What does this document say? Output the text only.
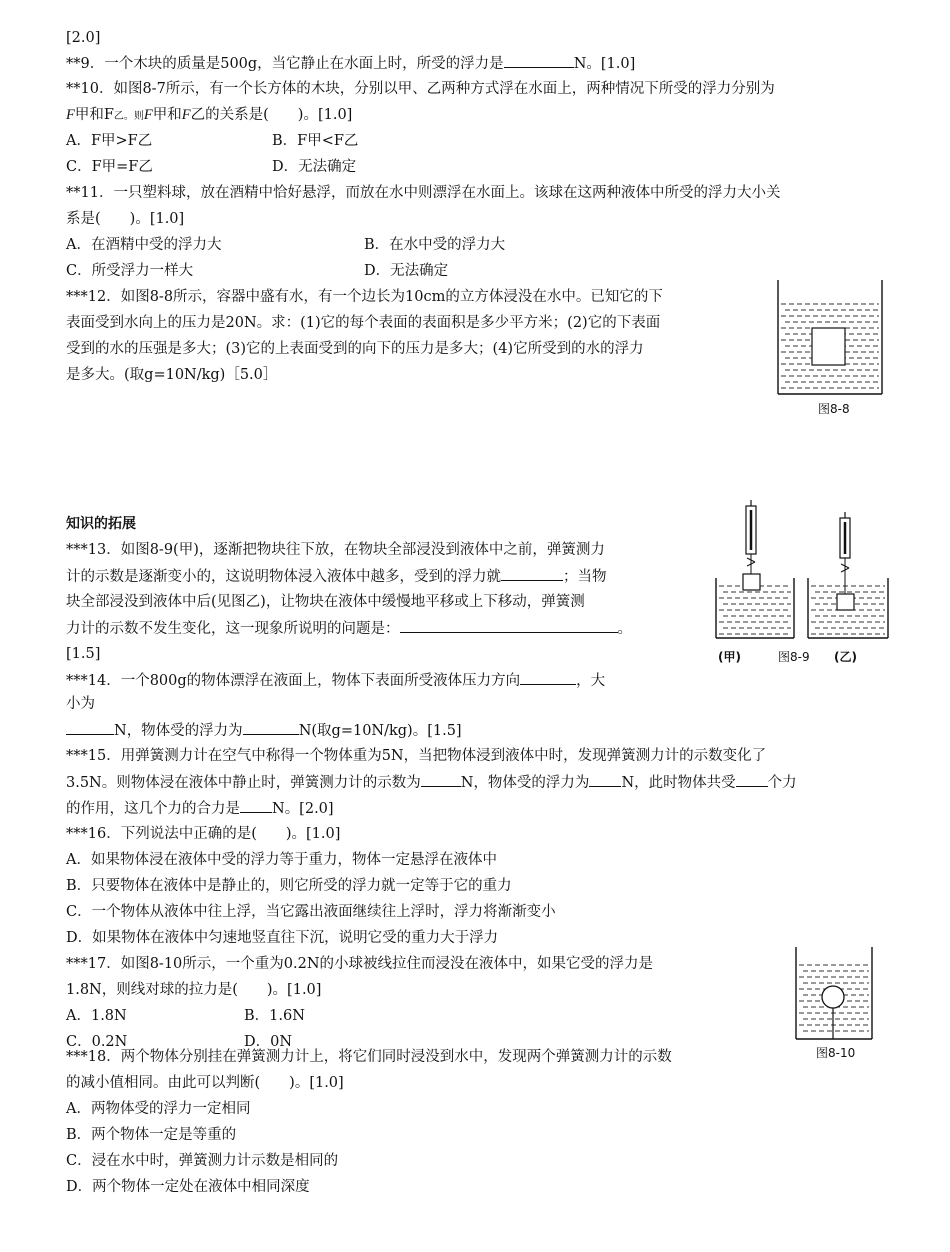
[2.0]
**9．一个木块的质量是500g，当它静止在水面上时，所受的浮力是	N。[1.0]
**10．如图8-7所示，有一个长方体的木块，分别以甲、乙两种方式浮在水面上，两种情况下所受的浮力分别为
F甲和F乙。则F甲和F乙的关系是(　　)。[1.0]
A．F甲>F乙	B．F甲<F乙
C．F甲=F乙	D．无法确定
**11．一只塑料球，放在酒精中恰好悬浮，而放在水中则漂浮在水面上。该球在这两种液体中所受的浮力大小关
系是(　　)。[1.0]
A．在酒精中受的浮力大	B．在水中受的浮力大
C．所受浮力一样大	D．无法确定
***12．如图8-8所示，容器中盛有水，有一个边长为10cm的立方体浸没在水中。已知它的下
表面受到水向上的压力是20N。求：(1)它的每个表面的表面积是多少平方米；(2)它的下表面
受到的水的压强是多大；(3)它的上表面受到的向下的压力是多大；(4)它所受到的水的浮力
是多大。(取g=10N/kg)［5.0］
图8-8
知识的拓展
***13．如图8-9(甲)，逐渐把物块往下放，在物块全部浸没到液体中之前，弹簧测力
计的示数是逐渐变小的，这说明物体浸入液体中越多，受到的浮力就	；当物
块全部浸没到液体中后(见图乙)，让物块在液体中缓慢地平移或上下移动，弹簧测
力计的示数不发生变化，这一现象所说明的问题是：	。
[1.5]	(甲)	图8-9 (乙)
***14．一个800g的物体漂浮在液面上，物体下表面所受液体压力方向	，大
小为
N，物体受的浮力为	N(取g=10N/kg)。[1.5]
***15．用弹簧测力计在空气中称得一个物体重为5N，当把物体浸到液体中时，发现弹簧测力计的示数变化了
3.5N。则物体浸在液体中静止时，弹簧测力计的示数为	N，物体受的浮力为 N，此时物体共受 个力
的作用，这几个力的合力是 N。[2.0]
***16．下列说法中正确的是(　　)。[1.0]
A．如果物体浸在液体中受的浮力等于重力，物体一定悬浮在液体中
B．只要物体在液体中是静止的，则它所受的浮力就一定等于它的重力
C．一个物体从液体中往上浮，当它露出液面继续往上浮时，浮力将渐渐变小
D．如果物体在液体中匀速地竖直往下沉，说明它受的重力大于浮力
***17．如图8-10所示，一个重为0.2N的小球被线拉住而浸没在液体中，如果它受的浮力是
1.8N，则线对球的拉力是(　　)。[1.0]
A．1.8N	B．1.6N
C．0.2N	D．0N
图8-10
***18．两个物体分别挂在弹簧测力计上，将它们同时浸没到水中，发现两个弹簧测力计的示数
的减小值相同。由此可以判断(　　)。[1.0]
A．两物体受的浮力一定相同
B．两个物体一定是等重的
C．浸在水中时，弹簧测力计示数是相同的
D．两个物体一定处在液体中相同深度
